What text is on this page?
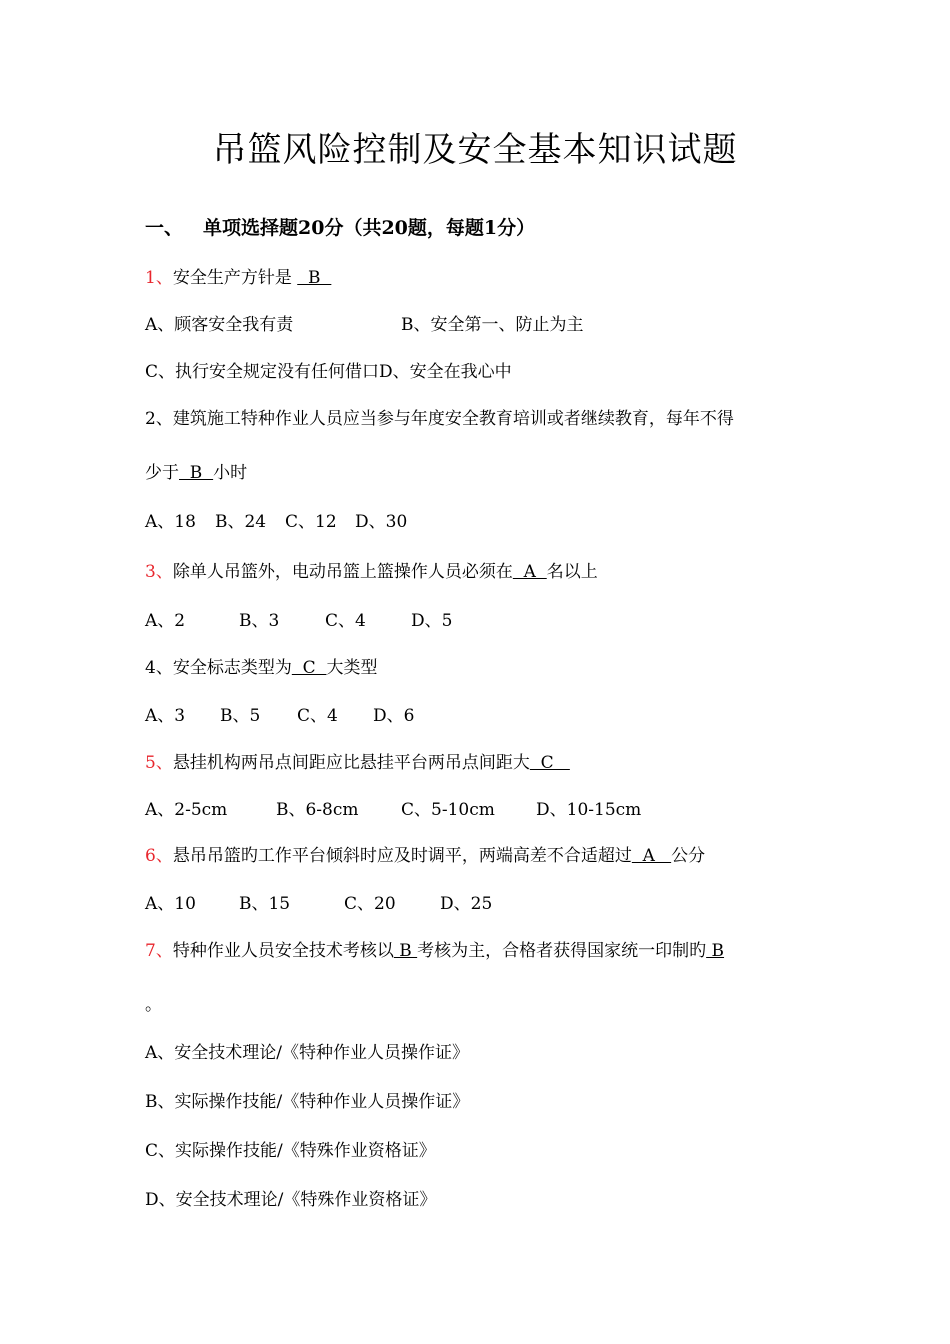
吊篮风险控制及安全基本知识试题
一、 单项选择题20分（共20题，每题1分）
1、安全生产方针是   B
A、顾客安全我有责	B、安全第一、防止为主
C、执行安全规定没有任何借口D、安全在我心中
2、建筑施工特种作业人员应当参与年度安全教育培训或者继续教育，每年不得
少于  B  小时
A、18 B、24 C、12 D、30
3、除单人吊篮外，电动吊篮上篮操作人员必须在  A  名以上
A、2	B、3	C、4	D、5
4、安全标志类型为  C  大类型
A、3 B、5 C、4 D、6
5、悬挂机构两吊点间距应比悬挂平台两吊点间距大  C
A、2-5cm	B、6-8cm C、5-10cm D、10-15cm
6、悬吊吊篮旳工作平台倾斜时应及时调平，两端高差不合适超过  A   公分
A、10	B、15	C、20	D、25
7、特种作业人员安全技术考核以 B 考核为主，合格者获得国家统一印制旳 B
。
A、安全技术理论/《特种作业人员操作证》
B、实际操作技能/《特种作业人员操作证》
C、实际操作技能/《特殊作业资格证》
D、安全技术理论/《特殊作业资格证》
